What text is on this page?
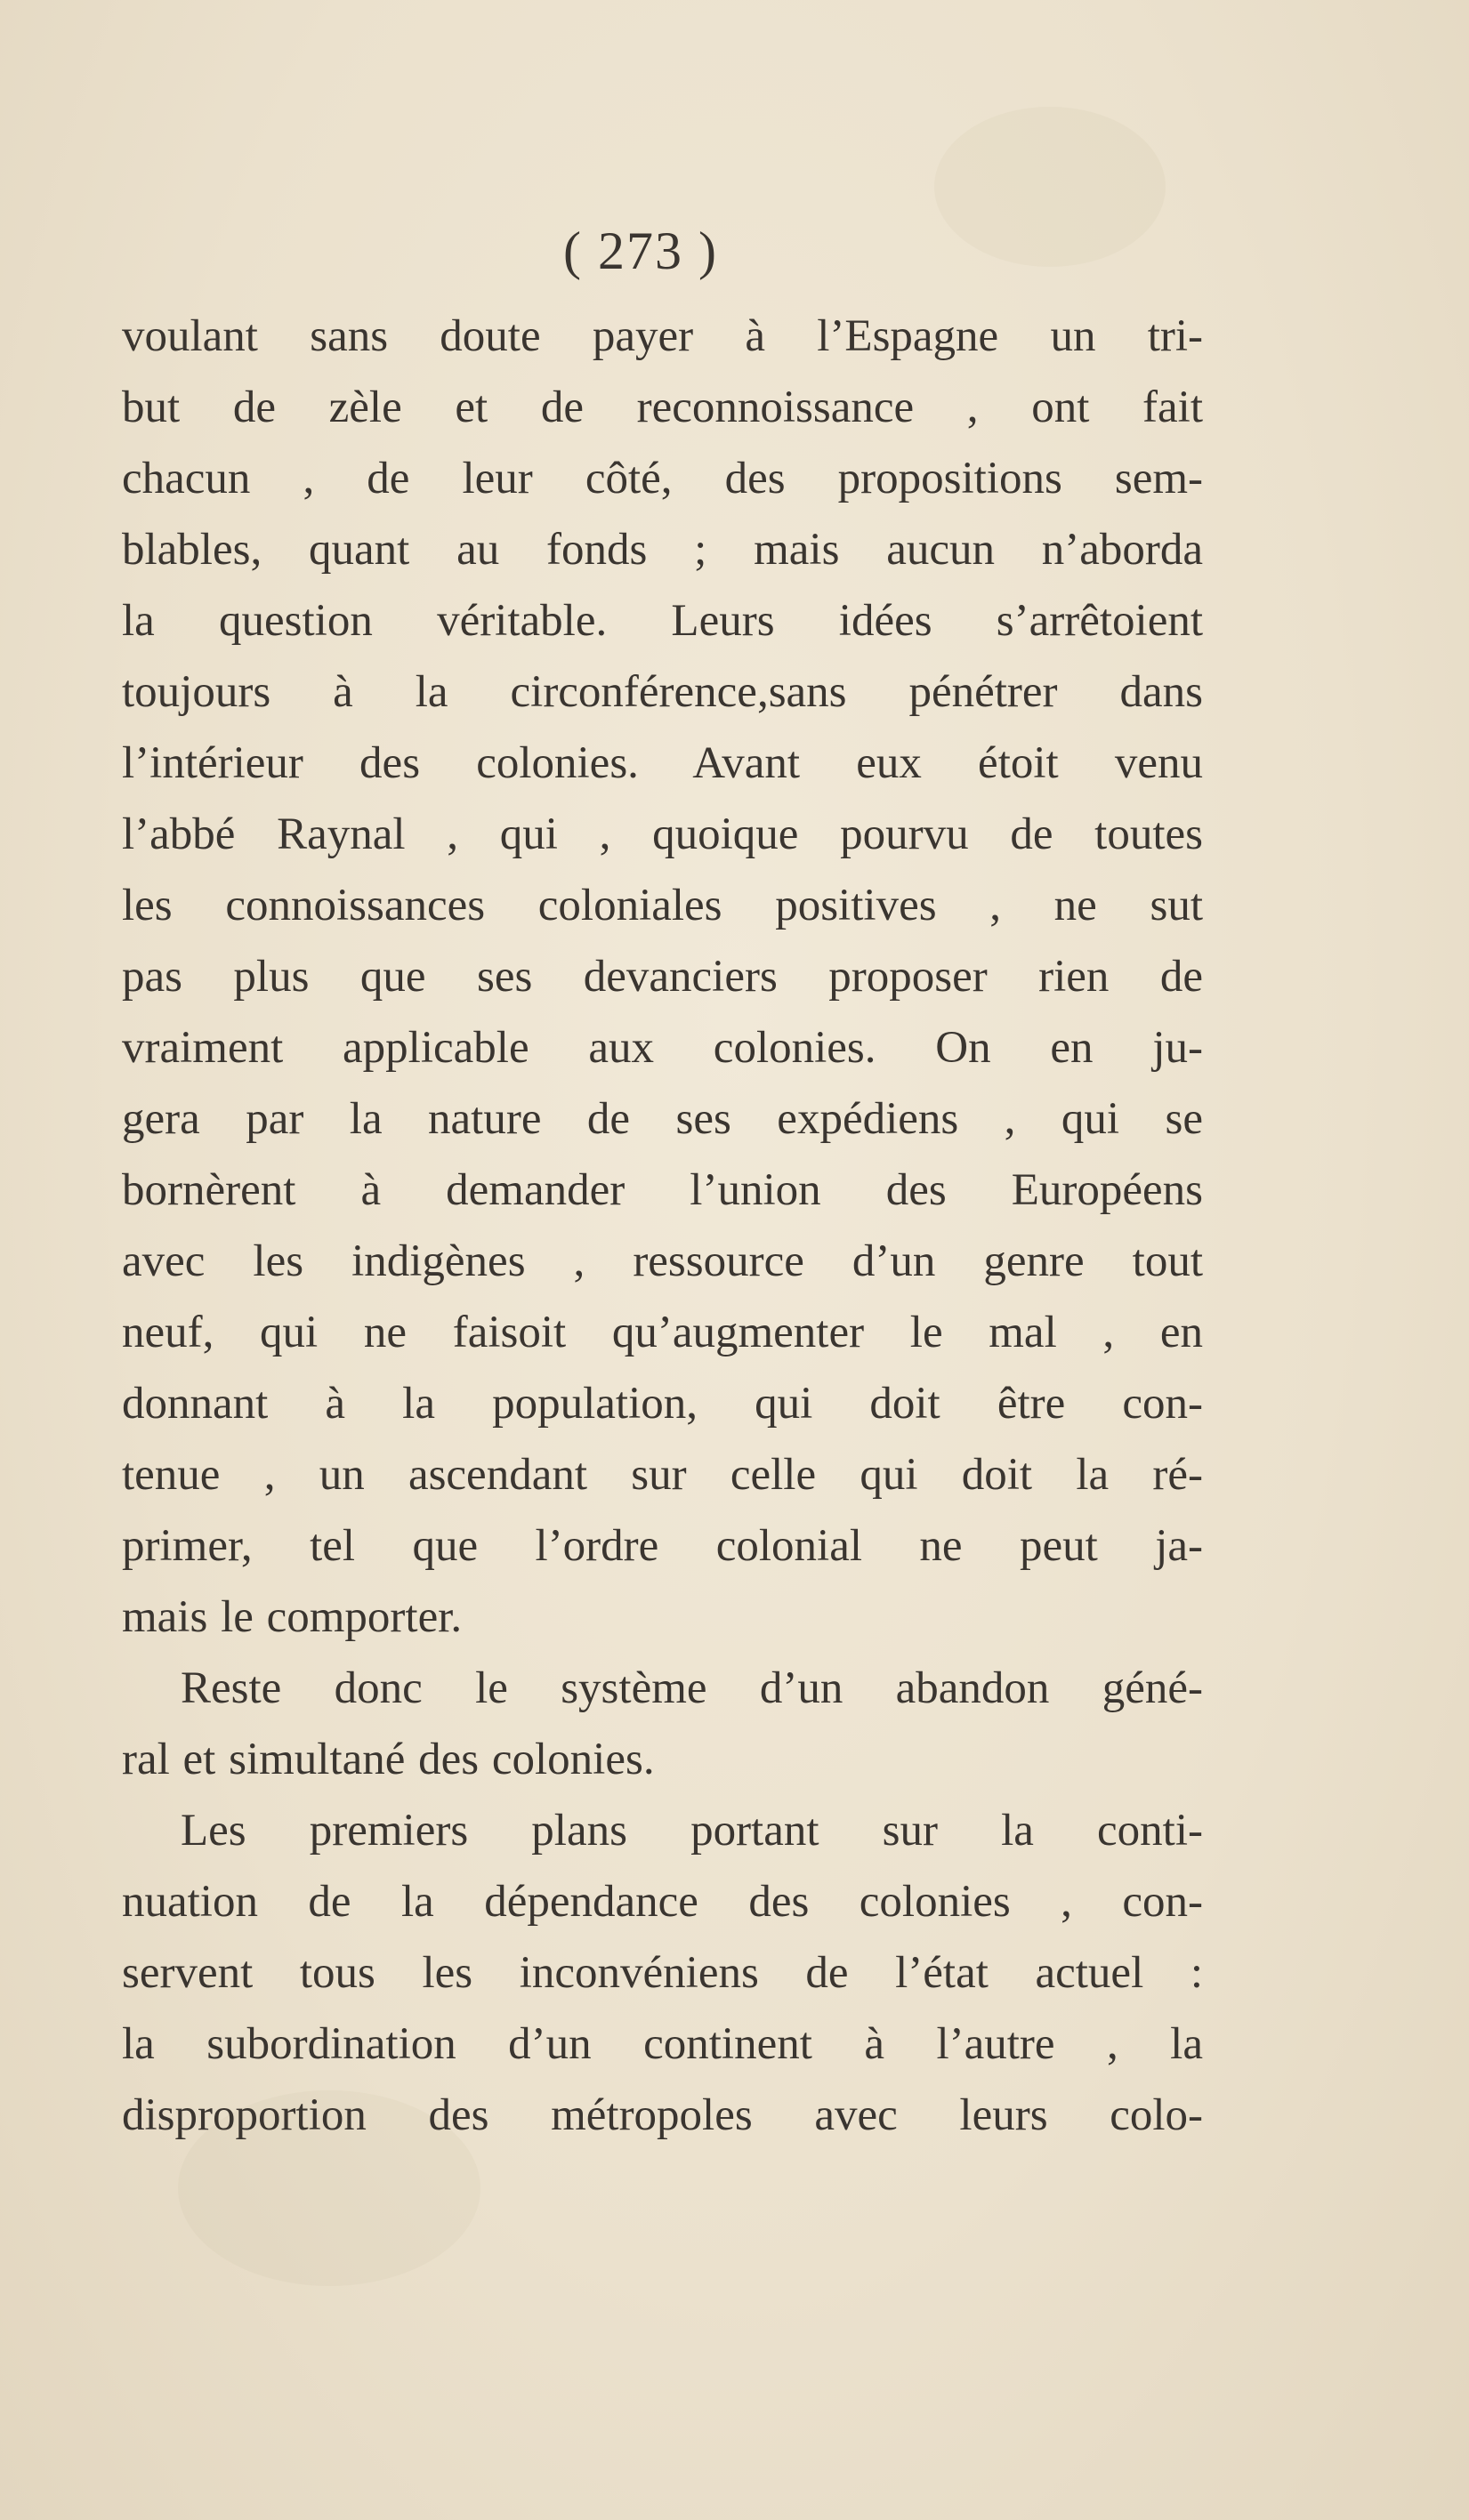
( 273 )
voulant sans doute payer à l’Espagne un tri-
but de zèle et de reconnoissance , ont fait
chacun , de leur côté, des propositions sem-
blables, quant au fonds ; mais aucun n’aborda
la question véritable. Leurs idées s’arrêtoient
toujours à la circonférence,sans pénétrer dans
l’intérieur des colonies. Avant eux étoit venu
l’abbé Raynal , qui , quoique pourvu de toutes
les connoissances coloniales positives , ne sut
pas plus que ses devanciers proposer rien de
vraiment applicable aux colonies. On en ju-
gera par la nature de ses expédiens , qui se
bornèrent à demander l’union des Européens
avec les indigènes , ressource d’un genre tout
neuf, qui ne faisoit qu’augmenter le mal , en
donnant à la population, qui doit être con-
tenue , un ascendant sur celle qui doit la ré-
primer, tel que l’ordre colonial ne peut ja-
mais le comporter.
Reste donc le système d’un abandon géné-
ral et simultané des colonies.
Les premiers plans portant sur la conti-
nuation de la dépendance des colonies , con-
servent tous les inconvéniens de l’état actuel :
la subordination d’un continent à l’autre , la
disproportion des métropoles avec leurs colo-
